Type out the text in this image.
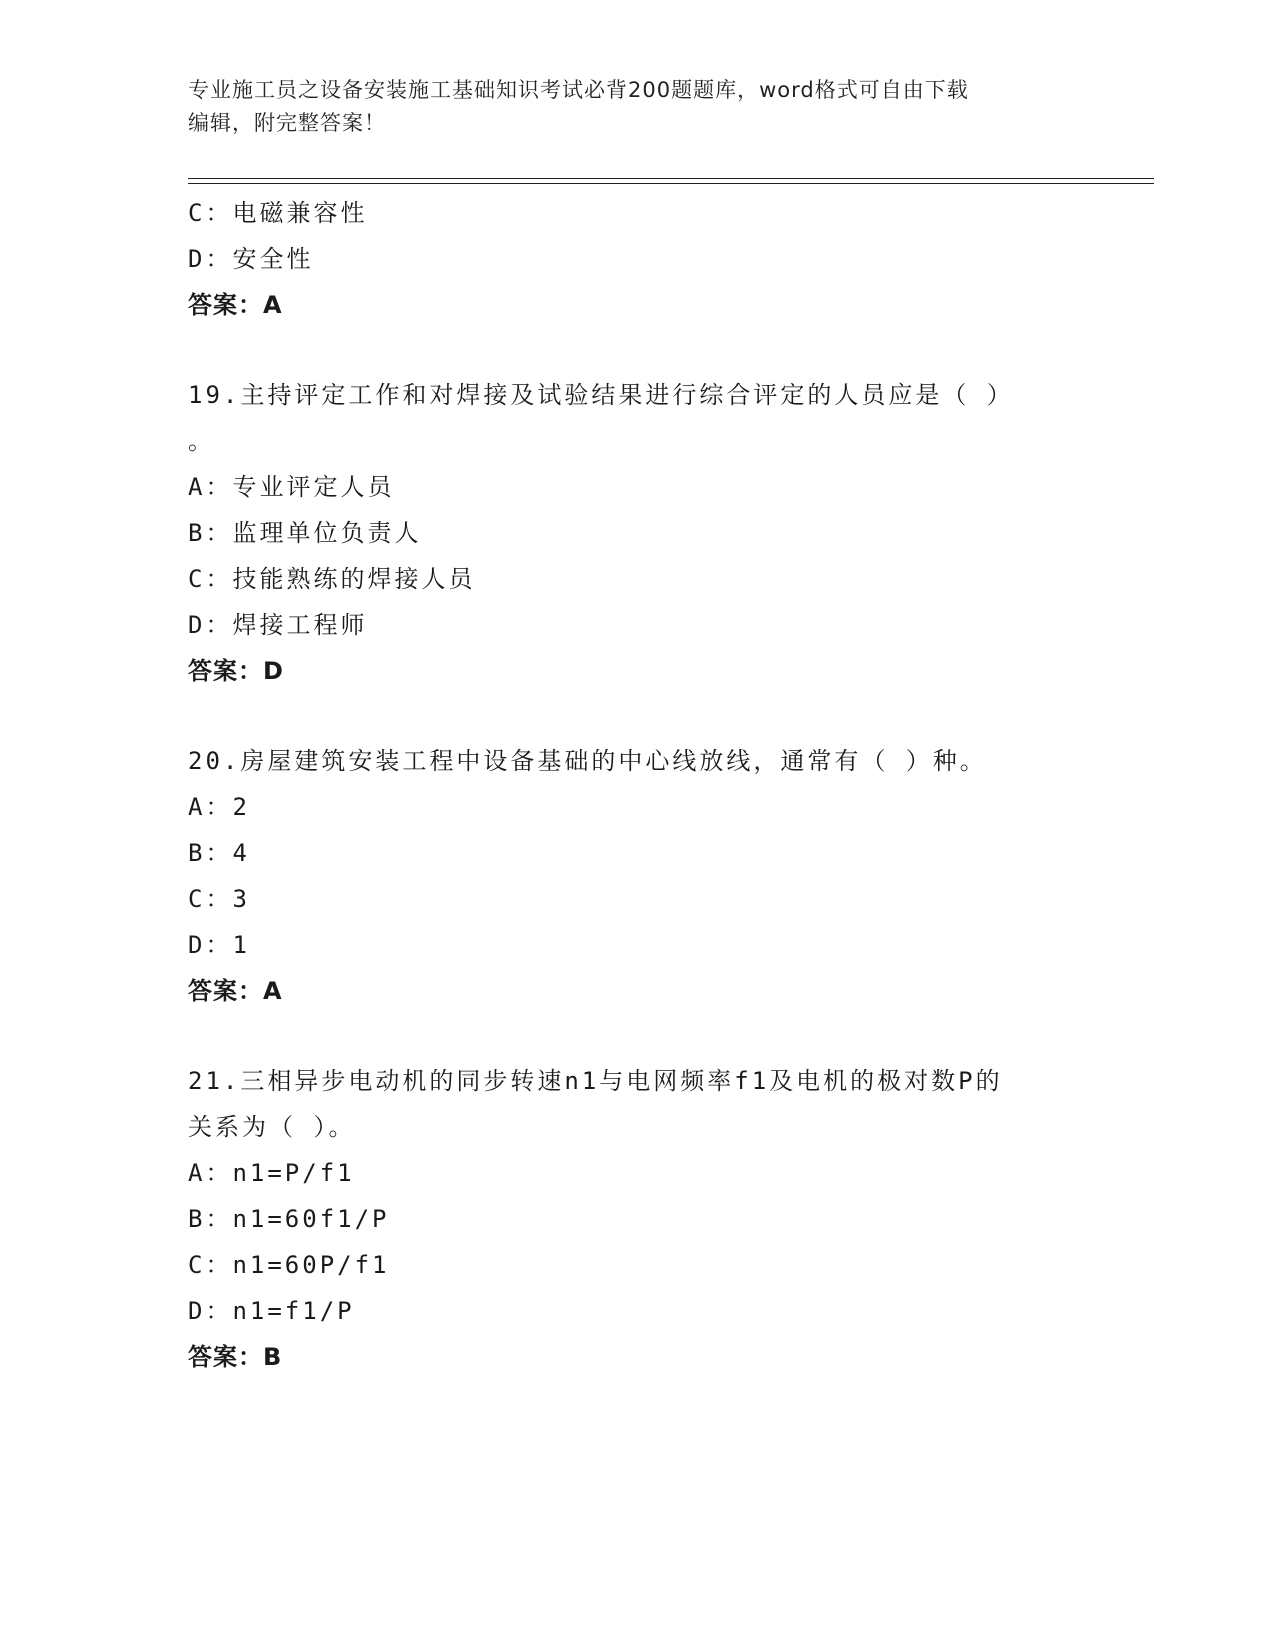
专业施工员之设备安装施工基础知识考试必背200题题库，word格式可自由下载
编辑，附完整答案！
C：电磁兼容性
D：安全性
答案：A
19.主持评定工作和对焊接及试验结果进行综合评定的人员应是（ ）
。
A：专业评定人员
B：监理单位负责人
C：技能熟练的焊接人员
D：焊接工程师
答案：D
20.房屋建筑安装工程中设备基础的中心线放线，通常有（ ）种。
A：2
B：4
C：3
D：1
答案：A
21.三相异步电动机的同步转速n1与电网频率f1及电机的极对数P的
关系为（ ）。
A：n1=P/f1
B：n1=60f1/P
C：n1=60P/f1
D：n1=f1/P
答案：B
